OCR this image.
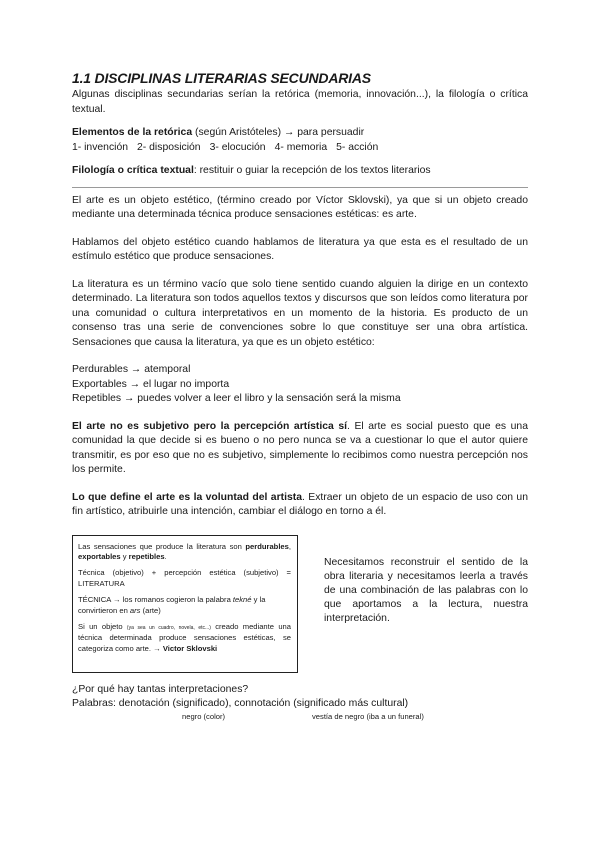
1.1 DISCIPLINAS LITERARIAS SECUNDARIAS

Algunas disciplinas secundarias serían la retórica (memoria, innovación...), la filología o crítica textual.

Elementos de la retórica (según Aristóteles) → para persuadir

1- invención 2- disposición 3- elocución 4- memoria 5- acción

Filología o crítica textual: restituir o guiar la recepción de los textos literarios

El arte es un objeto estético, (término creado por Víctor Sklovski), ya que si un objeto creado mediante una determinada técnica produce sensaciones estéticas: es arte.

Hablamos del objeto estético cuando hablamos de literatura ya que esta es el resultado de un estímulo estético que produce sensaciones.

La literatura es un término vacío que solo tiene sentido cuando alguien la dirige en un contexto determinado. La literatura son todos aquellos textos y discursos que son leídos como literatura por una comunidad o cultura interpretativos en un momento de la historia. Es producto de un consenso tras una serie de convenciones sobre lo que constituye ser una obra artística. Sensaciones que causa la literatura, ya que es un objeto estético:

Perdurables → atemporal

Exportables → el lugar no importa

Repetibles → puedes volver a leer el libro y la sensación será la misma

El arte no es subjetivo pero la percepción artística sí. El arte es social puesto que es una comunidad la que decide si es bueno o no pero nunca se va a cuestionar lo que el autor quiere transmitir, es por eso que no es subjetivo, simplemente lo recibimos como nuestra percepción nos los permite.

Lo que define el arte es la voluntad del artista. Extraer un objeto de un espacio de uso con un fin artístico, atribuirle una intención, cambiar el diálogo en torno a él.

Las sensaciones que produce la literatura son perdurables, exportables y repetibles.

Técnica (objetivo) + percepción estética (subjetivo) = LITERATURA

TÉCNICA → los romanos cogieron la palabra tekné y la convirtieron en ars (arte)

Si un objeto (ya sea un cuadro, novela, etc...) creado mediante una técnica determinada produce sensaciones estéticas, se categoriza como arte. → Victor Sklovski

Necesitamos reconstruir el sentido de la obra literaria y necesitamos leerla a través de una combinación de las palabras con lo que aportamos a la lectura, nuestra interpretación.

¿Por qué hay tantas interpretaciones?

Palabras: denotación (significado), connotación (significado más cultural)

negro (color)	vestía de negro (iba a un funeral)
